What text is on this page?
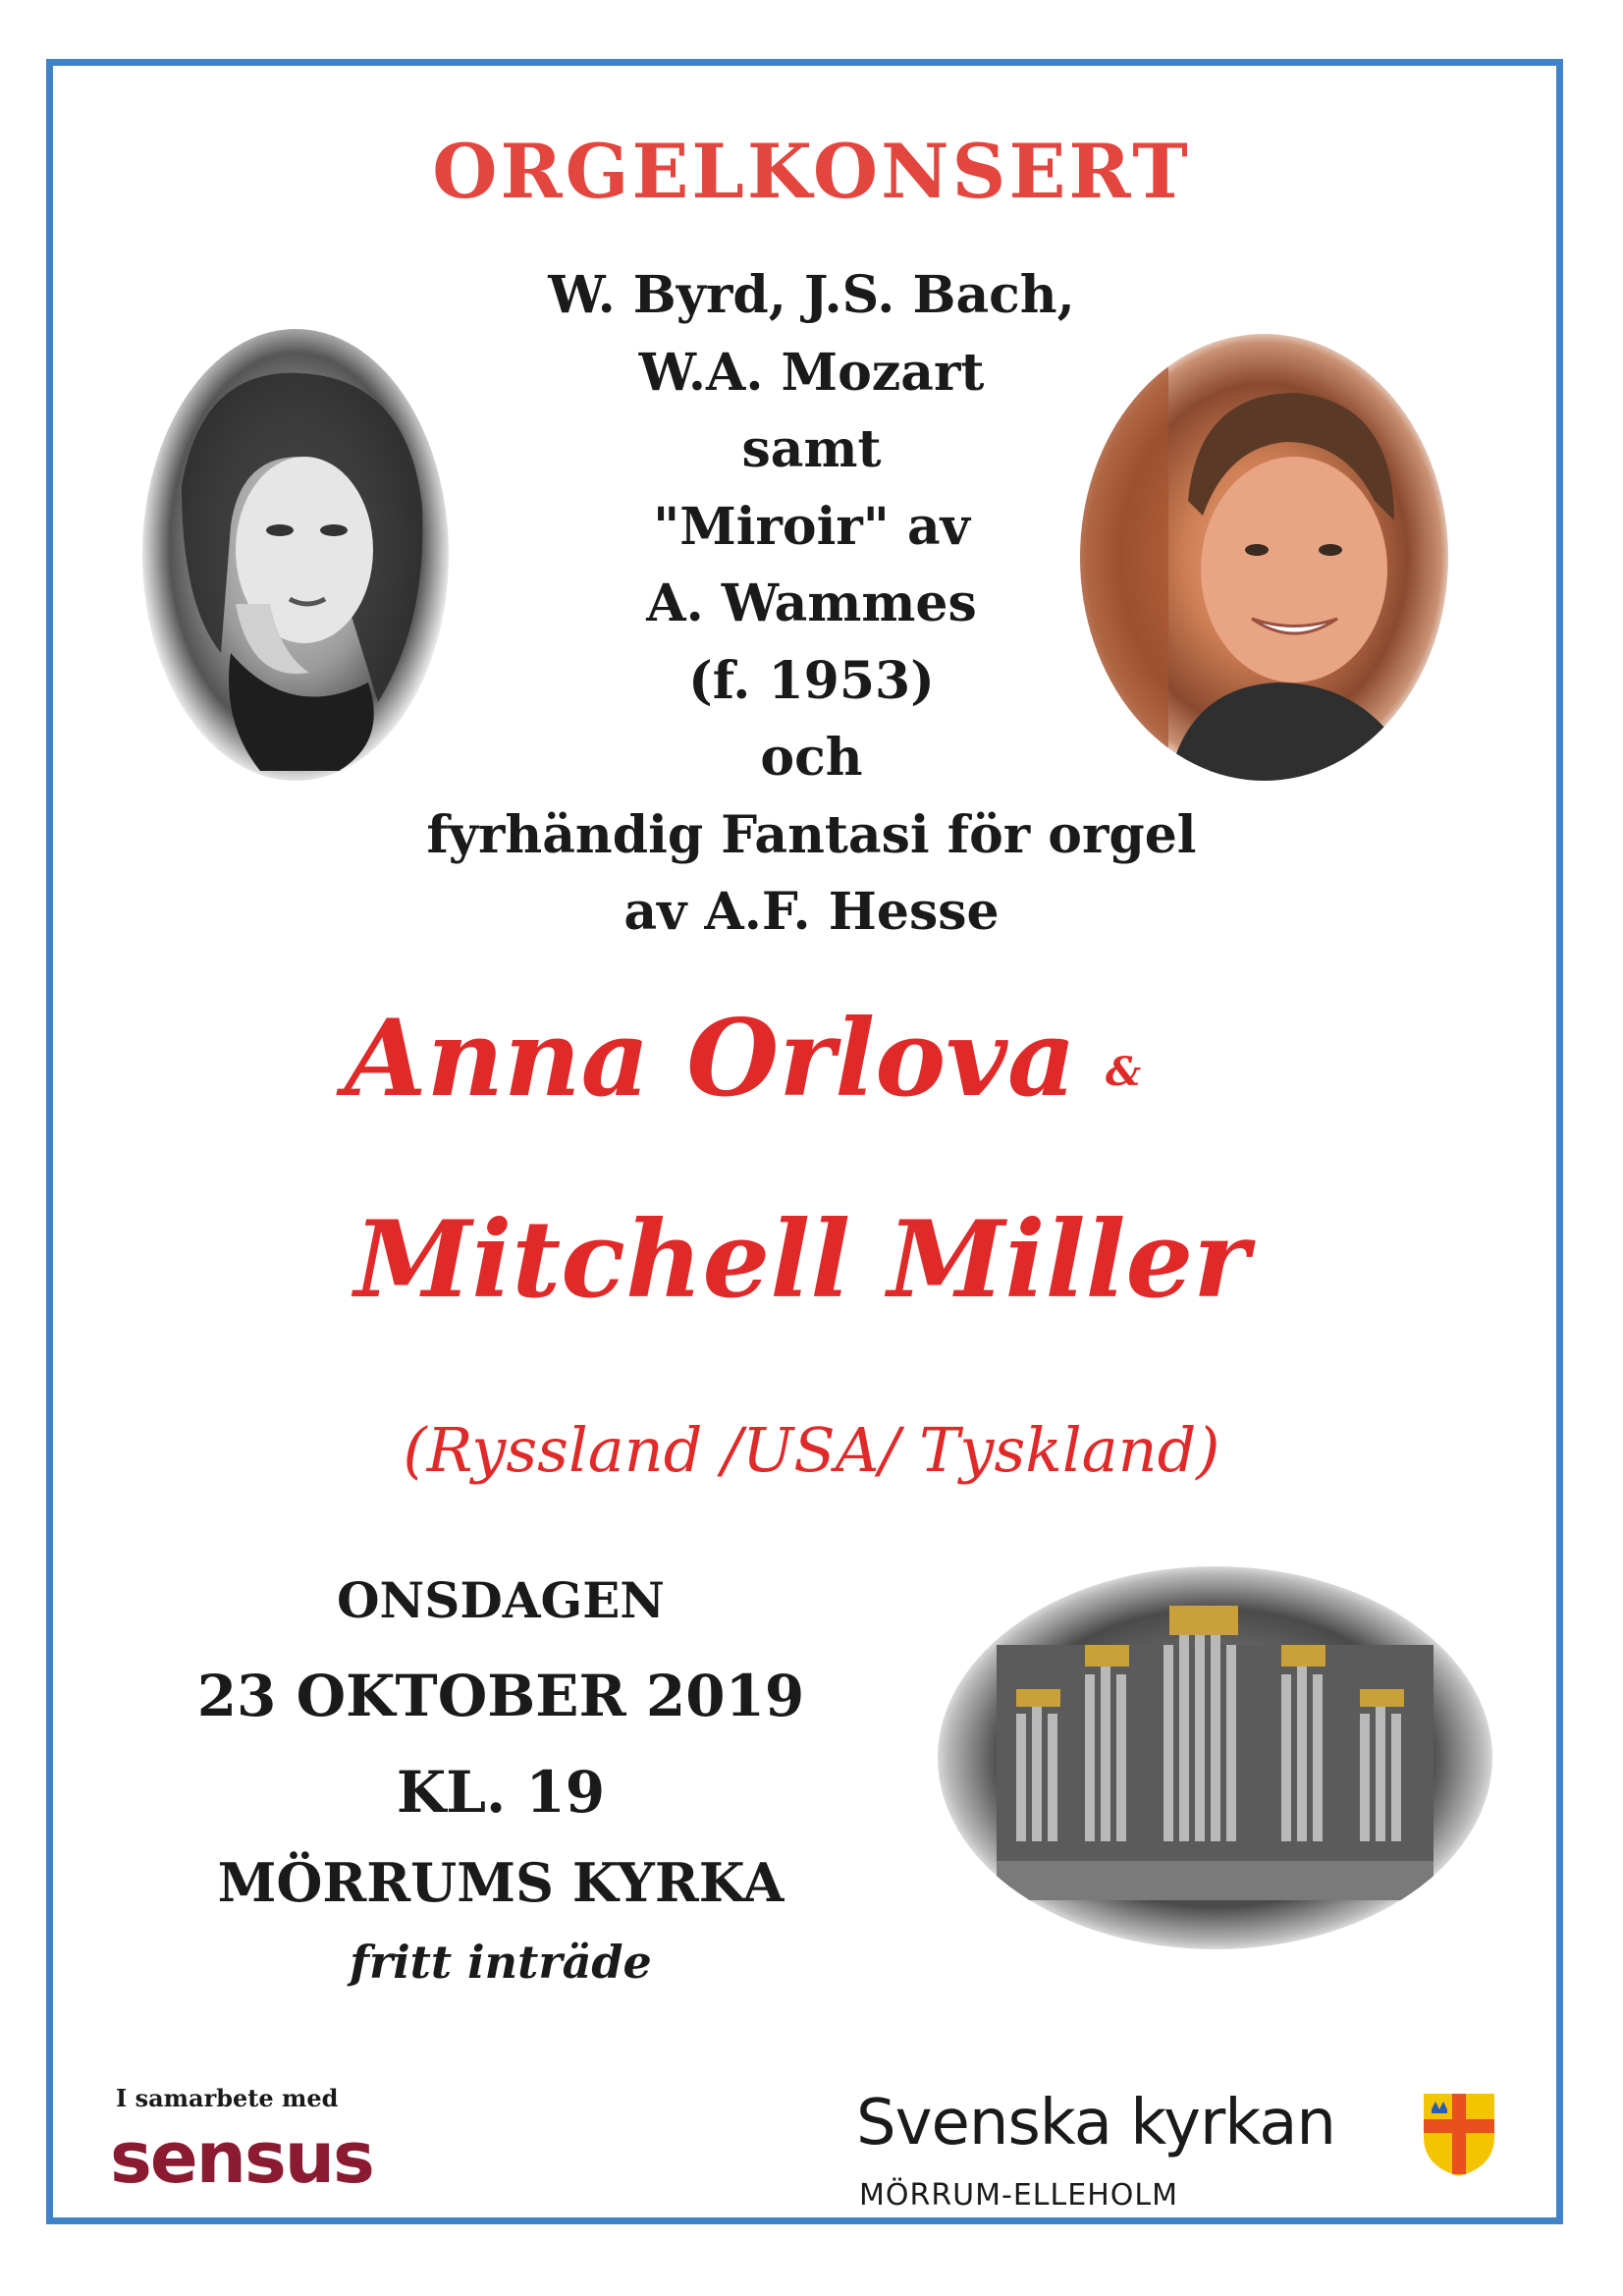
ORGELKONSERT
W. Byrd, J.S. Bach,
W.A. Mozart
samt
"Miroir" av
A. Wammes
(f. 1953)
och
fyrhändig Fantasi för orgel
av A.F. Hesse
Anna Orlova &
Mitchell Miller
(Ryssland /USA/ Tyskland)
ONSDAGEN
23 OKTOBER 2019
KL. 19
MÖRRUMS KYRKA
fritt inträde
I samarbete med
sensus	Svenska kyrkan
MÖRRUM-ELLEHOLM
